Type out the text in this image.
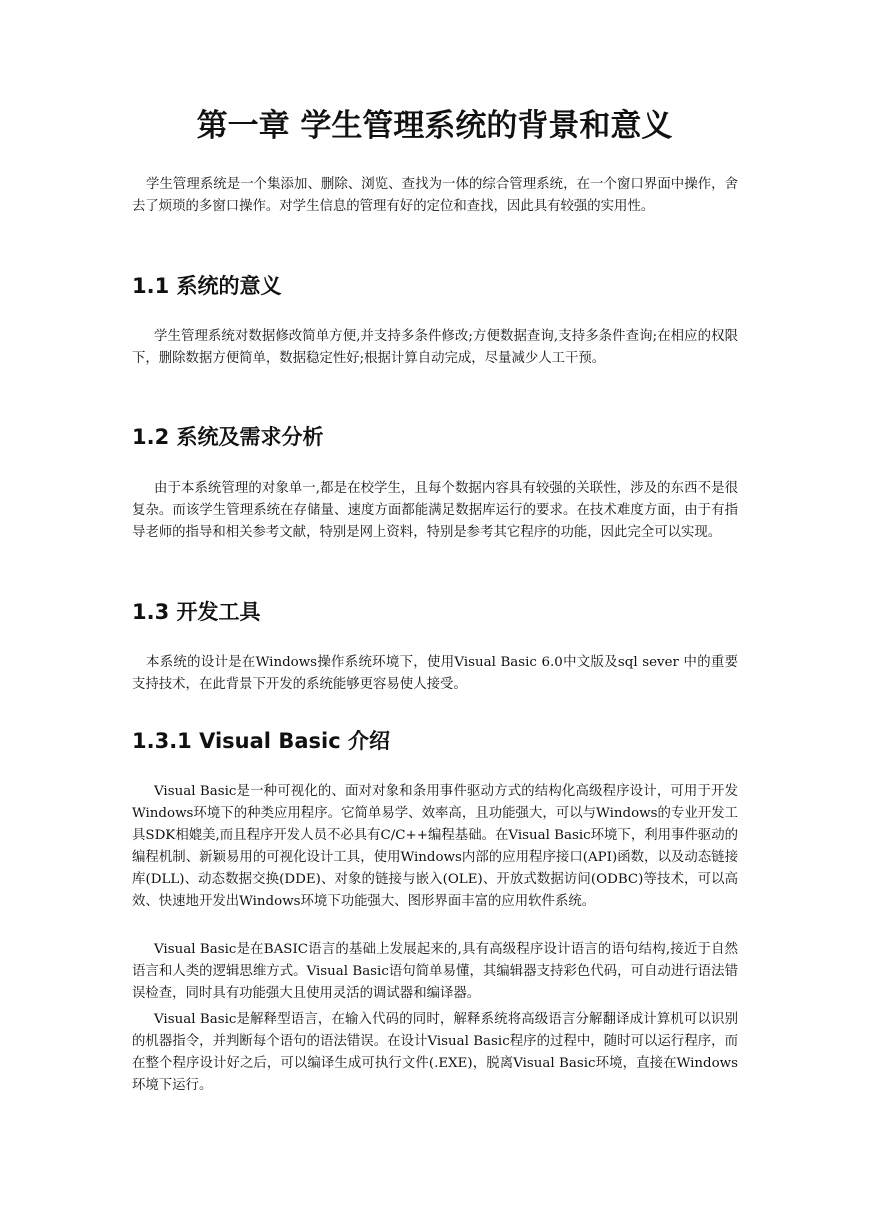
第一章 学生管理系统的背景和意义

学生管理系统是一个集添加、删除、浏览、查找为一体的综合管理系统，在一个窗口界面中操作，舍去了烦琐的多窗口操作。对学生信息的管理有好的定位和查找，因此具有较强的实用性。

1.1 系统的意义

学生管理系统对数据修改简单方便,并支持多条件修改;方便数据查询,支持多条件查询;在相应的权限下，删除数据方便简单，数据稳定性好;根据计算自动完成，尽量减少人工干预。

1.2 系统及需求分析

由于本系统管理的对象单一,都是在校学生，且每个数据内容具有较强的关联性，涉及的东西不是很复杂。而该学生管理系统在存储量、速度方面都能满足数据库运行的要求。在技术难度方面，由于有指导老师的指导和相关参考文献，特别是网上资料，特别是参考其它程序的功能，因此完全可以实现。

1.3 开发工具

本系统的设计是在Windows操作系统环境下，使用Visual Basic 6.0中文版及sql sever 中的重要支持技术，在此背景下开发的系统能够更容易使人接受。

1.3.1 Visual Basic 介绍

Visual Basic是一种可视化的、面对对象和条用事件驱动方式的结构化高级程序设计，可用于开发Windows环境下的种类应用程序。它简单易学、效率高，且功能强大，可以与Windows的专业开发工具SDK相媲美,而且程序开发人员不必具有C/C++编程基础。在Visual Basic环境下，利用事件驱动的编程机制、新颖易用的可视化设计工具，使用Windows内部的应用程序接口(API)函数，以及动态链接库(DLL)、动态数据交换(DDE)、对象的链接与嵌入(OLE)、开放式数据访问(ODBC)等技术，可以高效、快速地开发出Windows环境下功能强大、图形界面丰富的应用软件系统。

Visual Basic是在BASIC语言的基础上发展起来的,具有高级程序设计语言的语句结构,接近于自然语言和人类的逻辑思维方式。Visual Basic语句简单易懂，其编辑器支持彩色代码，可自动进行语法错误检查，同时具有功能强大且使用灵活的调试器和编译器。

Visual Basic是解释型语言，在输入代码的同时，解释系统将高级语言分解翻译成计算机可以识别的机器指令，并判断每个语句的语法错误。在设计Visual Basic程序的过程中，随时可以运行程序，而在整个程序设计好之后，可以编译生成可执行文件(.EXE)，脱离Visual Basic环境，直接在Windows环境下运行。
